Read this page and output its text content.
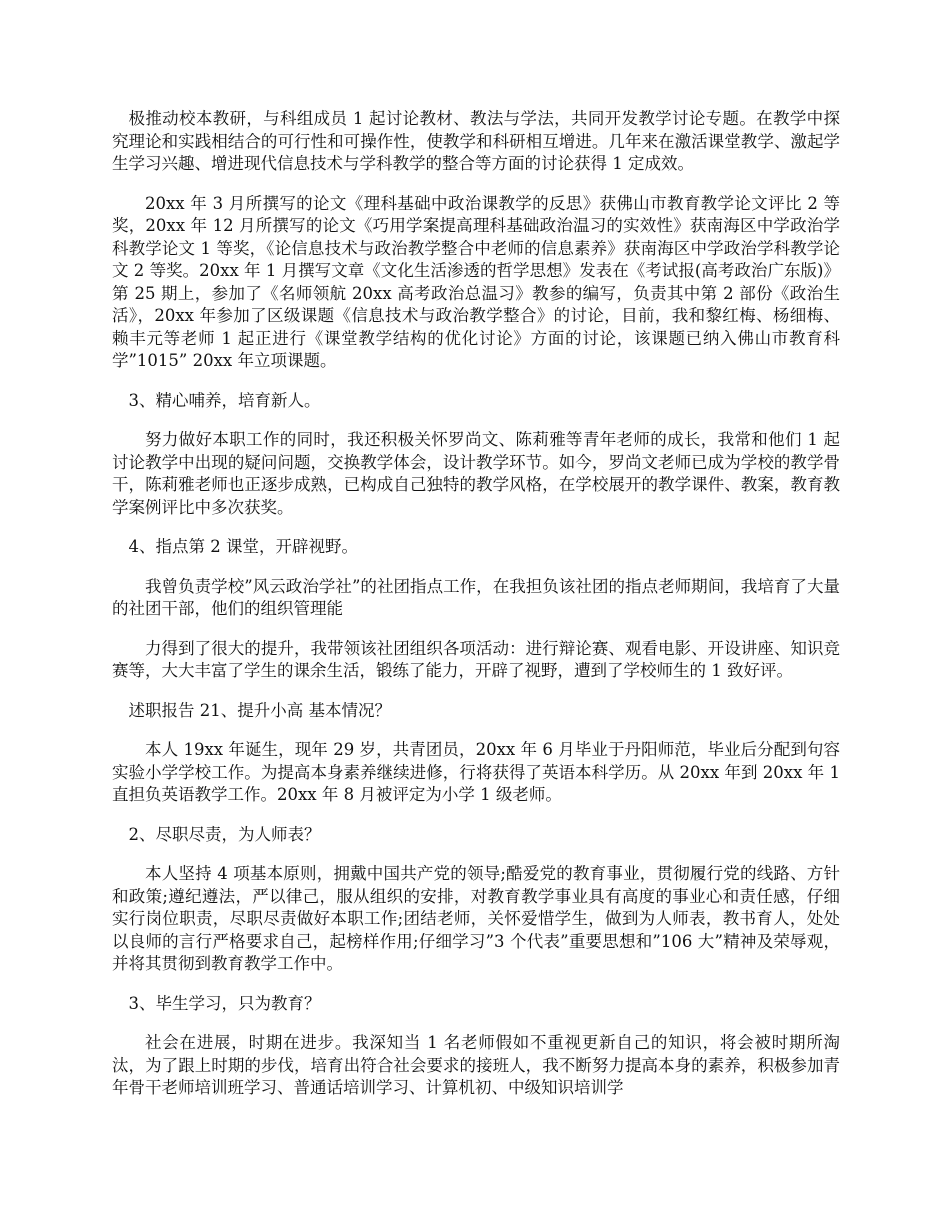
极推动校本教研，与科组成员 1 起讨论教材、教法与学法，共同开发教学讨论专题。在教学中探究理论和实践相结合的可行性和可操作性，使教学和科研相互增进。几年来在激活课堂教学、激起学生学习兴趣、增进现代信息技术与学科教学的整合等方面的讨论获得 1 定成效。

20xx 年 3 月所撰写的论文《理科基础中政治课教学的反思》获佛山市教育教学论文评比 2 等奖，20xx 年 12 月所撰写的论文《巧用学案提高理科基础政治温习的实效性》获南海区中学政治学科教学论文 1 等奖，《论信息技术与政治教学整合中老师的信息素养》获南海区中学政治学科教学论文 2 等奖。20xx 年 1 月撰写文章《文化生活渗透的哲学思想》发表在《考试报(高考政治广东版)》第 25 期上，参加了《名师领航 20xx 高考政治总温习》教参的编写，负责其中第 2 部份《政治生活》，20xx 年参加了区级课题《信息技术与政治教学整合》的讨论，目前，我和黎红梅、杨细梅、赖丰元等老师 1 起正进行《课堂教学结构的优化讨论》方面的讨论，该课题已纳入佛山市教育科学”1015” 20xx 年立项课题。

3、精心哺养，培育新人。

努力做好本职工作的同时，我还积极关怀罗尚文、陈莉雅等青年老师的成长，我常和他们 1 起讨论教学中出现的疑问问题，交换教学体会，设计教学环节。如今，罗尚文老师已成为学校的教学骨干，陈莉雅老师也正逐步成熟，已构成自己独特的教学风格，在学校展开的教学课件、教案，教育教学案例评比中多次获奖。

4、指点第 2 课堂，开辟视野。

我曾负责学校”风云政治学社”的社团指点工作，在我担负该社团的指点老师期间，我培育了大量的社团干部，他们的组织管理能

力得到了很大的提升，我带领该社团组织各项活动：进行辩论赛、观看电影、开设讲座、知识竞赛等，大大丰富了学生的课余生活，锻练了能力，开辟了视野，遭到了学校师生的 1 致好评。

述职报告 21、提升小高 基本情况？

本人 19xx 年诞生，现年 29 岁，共青团员，20xx 年 6 月毕业于丹阳师范，毕业后分配到句容实验小学学校工作。为提高本身素养继续进修，行将获得了英语本科学历。从 20xx 年到 20xx 年 1 直担负英语教学工作。20xx 年 8 月被评定为小学 1 级老师。

2、尽职尽责，为人师表？

本人坚持 4 项基本原则，拥戴中国共产党的领导;酷爱党的教育事业，贯彻履行党的线路、方针和政策;遵纪遵法，严以律己，服从组织的安排，对教育教学事业具有高度的事业心和责任感，仔细实行岗位职责，尽职尽责做好本职工作;团结老师，关怀爱惜学生，做到为人师表，教书育人，处处以良师的言行严格要求自己，起榜样作用;仔细学习”3 个代表”重要思想和”106 大”精神及荣辱观，并将其贯彻到教育教学工作中。

3、毕生学习，只为教育？

社会在进展，时期在进步。我深知当 1 名老师假如不重视更新自己的知识，将会被时期所淘汰，为了跟上时期的步伐，培育出符合社会要求的接班人，我不断努力提高本身的素养，积极参加青年骨干老师培训班学习、普通话培训学习、计算机初、中级知识培训学
